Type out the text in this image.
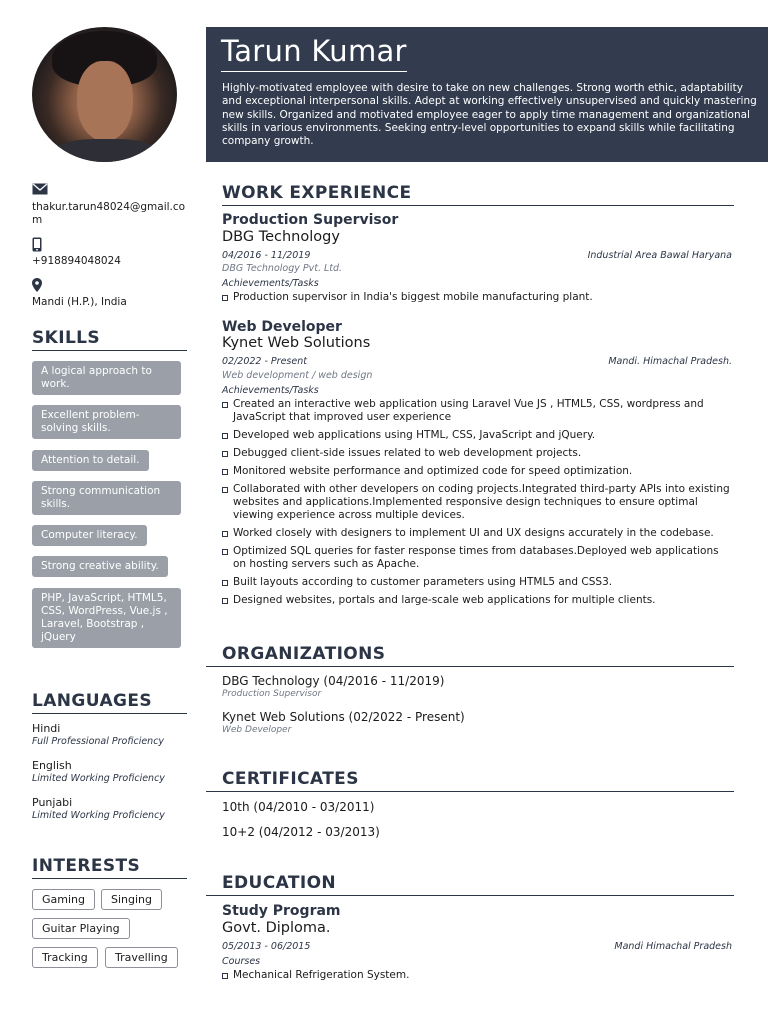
thakur.tarun48024@gmail.com
+918894048024
Mandi (H.P.), India
SKILLS
A logical approach to work.
Excellent problem-solving skills.
Attention to detail.
Strong communication skills.
Computer literacy.
Strong creative ability.
PHP, JavaScript, HTML5, CSS, WordPress, Vue.js , Laravel, Bootstrap , jQuery
LANGUAGES
Hindi
Full Professional Proficiency
English
Limited Working Proficiency
Punjabi
Limited Working Proficiency
INTERESTS
Gaming	Singing
Guitar Playing
Tracking	Travelling
Tarun Kumar
Highly-motivated employee with desire to take on new challenges. Strong worth ethic, adaptability and exceptional interpersonal skills. Adept at working effectively unsupervised and quickly mastering new skills. Organized and motivated employee eager to apply time management and organizational skills in various environments. Seeking entry-level opportunities to expand skills while facilitating company growth.
WORK EXPERIENCE
Production Supervisor
DBG Technology
04/2016 - 11/2019	Industrial Area Bawal Haryana
DBG Technology Pvt. Ltd.
Achievements/Tasks
Production supervisor in India's biggest mobile manufacturing plant.
Web Developer
Kynet Web Solutions
02/2022 - Present	Mandi. Himachal Pradesh.
Web development / web design
Achievements/Tasks
Created an interactive web application using Laravel Vue JS , HTML5, CSS, wordpress and JavaScript that improved user experience
Developed web applications using HTML, CSS, JavaScript and jQuery.
Debugged client-side issues related to web development projects.
Monitored website performance and optimized code for speed optimization.
Collaborated with other developers on coding projects.Integrated third-party APIs into existing websites and applications.Implemented responsive design techniques to ensure optimal viewing experience across multiple devices.
Worked closely with designers to implement UI and UX designs accurately in the codebase.
Optimized SQL queries for faster response times from databases.Deployed web applications on hosting servers such as Apache.
Built layouts according to customer parameters using HTML5 and CSS3.
Designed websites, portals and large-scale web applications for multiple clients.
ORGANIZATIONS
DBG Technology (04/2016 - 11/2019)
Production Supervisor
Kynet Web Solutions (02/2022 - Present)
Web Developer
CERTIFICATES
10th (04/2010 - 03/2011)
10+2 (04/2012 - 03/2013)
EDUCATION
Study Program
Govt. Diploma.
05/2013 - 06/2015	Mandi Himachal Pradesh
Courses
Mechanical Refrigeration System.
